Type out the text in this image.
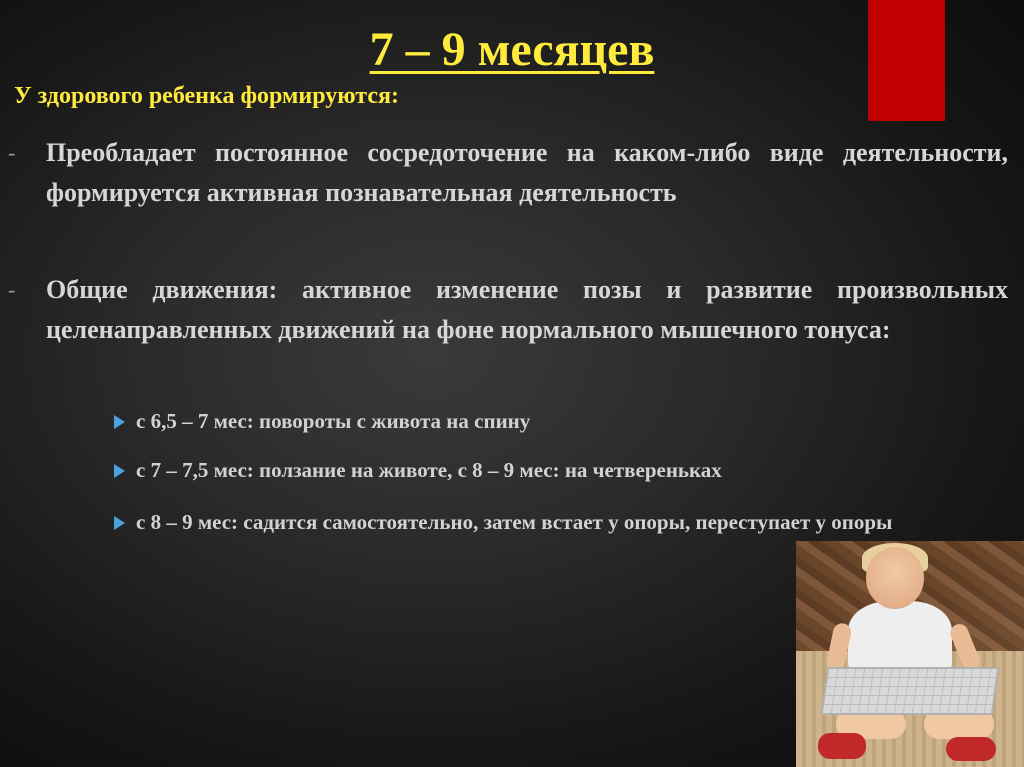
7 – 9 месяцев
У здорового ребенка формируются:
-	Преобладает постоянное сосредоточение на каком-либо виде деятельности, формируется активная познавательная деятельность
-	Общие движения: активное изменение позы и развитие произвольных целенаправленных движений на фоне нормального мышечного тонуса:
с 6,5 – 7 мес: повороты с живота на спину
с 7 – 7,5 мес: ползание на животе, с 8 – 9 мес: на четвереньках
с 8 – 9 мес: садится самостоятельно, затем встает у опоры, переступает у опоры
